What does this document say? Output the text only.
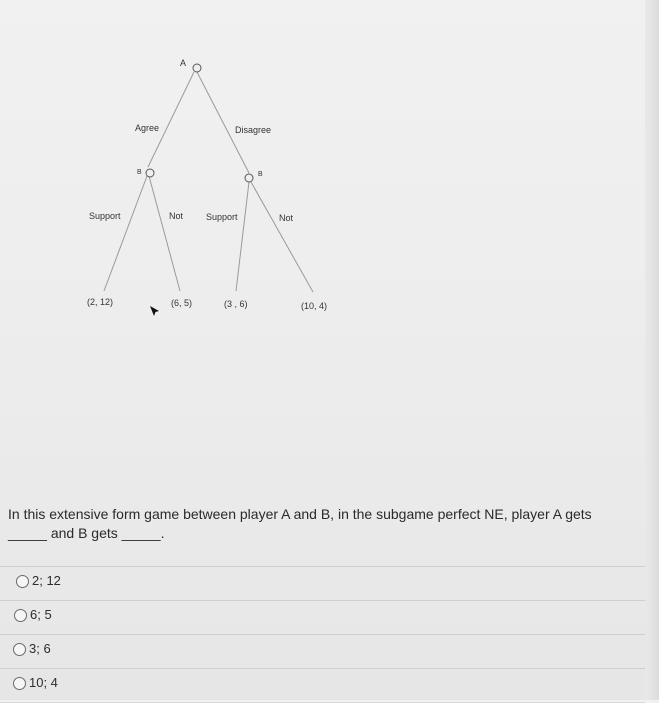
A
B	B
Agree	Disagree
Support	Not	Support	Not
(2, 12)	(6, 5)	(3 , 6)	(10, 4)
In this extensive form game between player A and B, in the subgame perfect NE, player A gets
_____ and B gets _____.
2; 12
6; 5
3; 6
10; 4
